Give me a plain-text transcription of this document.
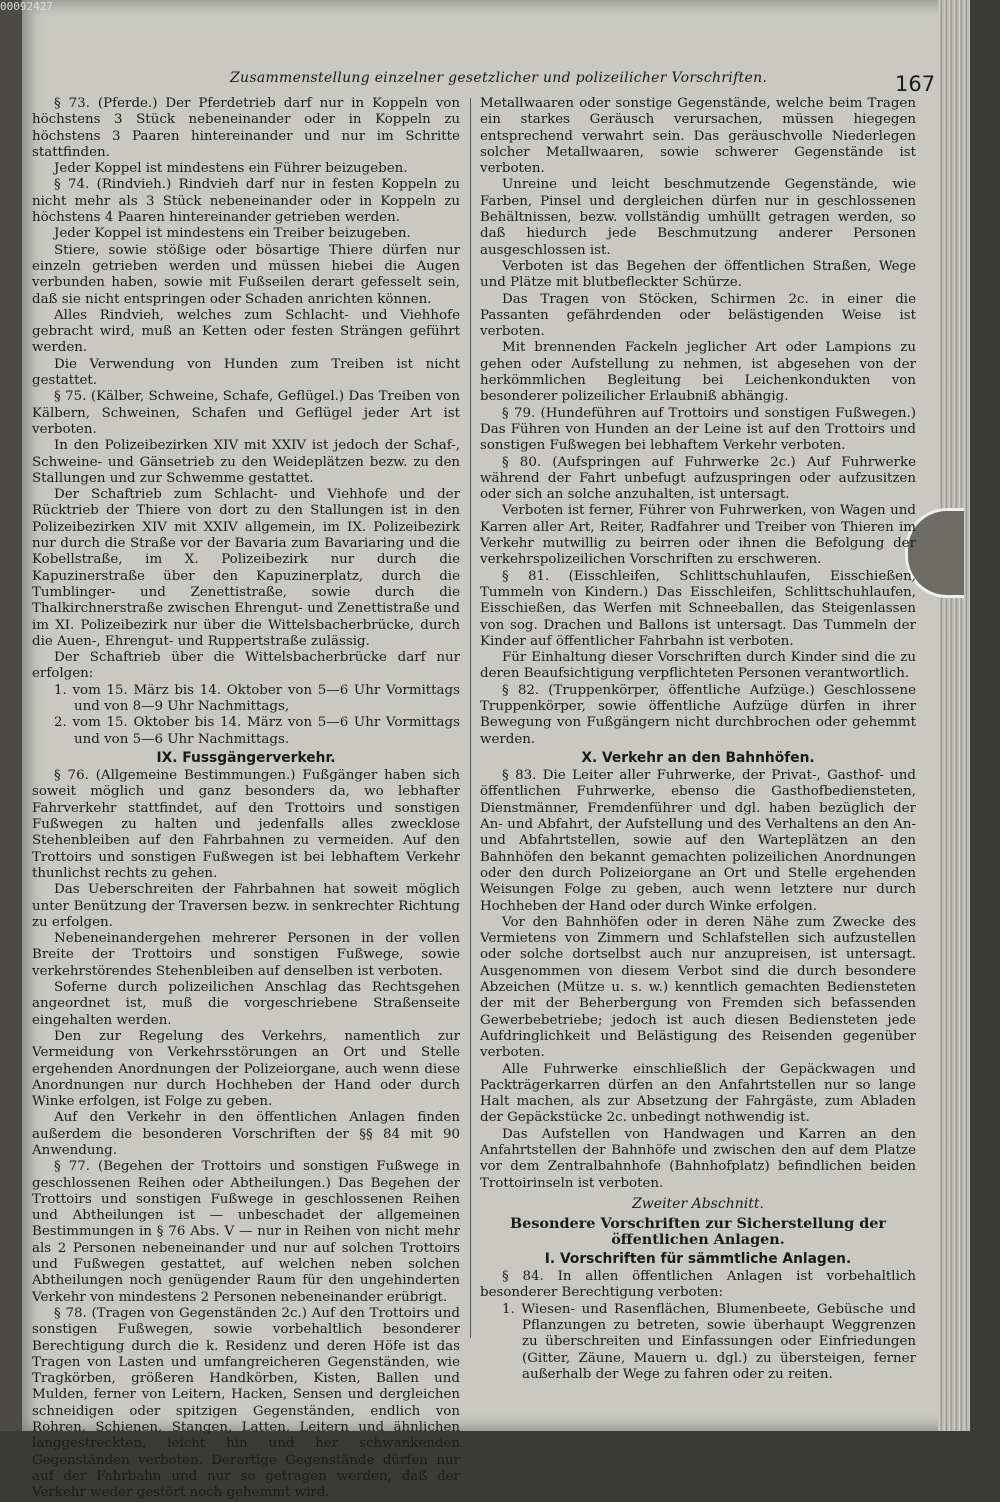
00092427
Zusammenstellung einzelner gesetzlicher und polizeilicher Vorschriften.	167

§ 73. (Pferde.) Der Pferdetrieb darf nur in Koppeln von höchstens 3 Stück nebeneinander oder in Koppeln zu höchstens 3 Paaren hintereinander und nur im Schritte stattfinden.

Jeder Koppel ist mindestens ein Führer beizugeben.

§ 74. (Rindvieh.) Rindvieh darf nur in festen Koppeln zu nicht mehr als 3 Stück nebeneinander oder in Koppeln zu höchstens 4 Paaren hintereinander getrieben werden.

Jeder Koppel ist mindestens ein Treiber beizugeben.

Stiere, sowie stößige oder bösartige Thiere dürfen nur einzeln getrieben werden und müssen hiebei die Augen verbunden haben, sowie mit Fußseilen derart gefesselt sein, daß sie nicht entspringen oder Schaden anrichten können.

Alles Rindvieh, welches zum Schlacht- und Viehhofe gebracht wird, muß an Ketten oder festen Strängen geführt werden.

Die Verwendung von Hunden zum Treiben ist nicht gestattet.

§ 75. (Kälber, Schweine, Schafe, Geflügel.) Das Treiben von Kälbern, Schweinen, Schafen und Geflügel jeder Art ist verboten.

In den Polizeibezirken XIV mit XXIV ist jedoch der Schaf-, Schweine- und Gänsetrieb zu den Weideplätzen bezw. zu den Stallungen und zur Schwemme gestattet.

Der Schaftrieb zum Schlacht- und Viehhofe und der Rücktrieb der Thiere von dort zu den Stallungen ist in den Polizeibezirken XIV mit XXIV allgemein, im IX. Polizeibezirk nur durch die Straße vor der Bavaria zum Bavariaring und die Kobellstraße, im X. Polizeibezirk nur durch die Kapuzinerstraße über den Kapuzinerplatz, durch die Tumblinger- und Zenettistraße, sowie durch die Thalkirchnerstraße zwischen Ehrengut- und Zenettistraße und im XI. Polizeibezirk nur über die Wittelsbacherbrücke, durch die Auen-, Ehrengut- und Ruppertstraße zulässig.

Der Schaftrieb über die Wittelsbacherbrücke darf nur erfolgen:

1. vom 15. März bis 14. Oktober von 5—6 Uhr Vormittags und von 8—9 Uhr Nachmittags,
2. vom 15. Oktober bis 14. März von 5—6 Uhr Vormittags und von 5—6 Uhr Nachmittags.
IX. Fussgängerverkehr.

§ 76. (Allgemeine Bestimmungen.) Fußgänger haben sich soweit möglich und ganz besonders da, wo lebhafter Fahrverkehr stattfindet, auf den Trottoirs und sonstigen Fußwegen zu halten und jedenfalls alles zwecklose Stehenbleiben auf den Fahrbahnen zu vermeiden. Auf den Trottoirs und sonstigen Fußwegen ist bei lebhaftem Verkehr thunlichst rechts zu gehen.

Das Ueberschreiten der Fahrbahnen hat soweit möglich unter Benützung der Traversen bezw. in senkrechter Richtung zu erfolgen.

Nebeneinandergehen mehrerer Personen in der vollen Breite der Trottoirs und sonstigen Fußwege, sowie verkehrstörendes Stehenbleiben auf denselben ist verboten.

Soferne durch polizeilichen Anschlag das Rechtsgehen angeordnet ist, muß die vorgeschriebene Straßenseite eingehalten werden.

Den zur Regelung des Verkehrs, namentlich zur Vermeidung von Verkehrsstörungen an Ort und Stelle ergehenden Anordnungen der Polizeiorgane, auch wenn diese Anordnungen nur durch Hochheben der Hand oder durch Winke erfolgen, ist Folge zu geben.

Auf den Verkehr in den öffentlichen Anlagen finden außerdem die besonderen Vorschriften der §§ 84 mit 90 Anwendung.

§ 77. (Begehen der Trottoirs und sonstigen Fußwege in geschlossenen Reihen oder Abtheilungen.) Das Begehen der Trottoirs und sonstigen Fußwege in geschlossenen Reihen und Abtheilungen ist — unbeschadet der allgemeinen Bestimmungen in § 76 Abs. V — nur in Reihen von nicht mehr als 2 Personen nebeneinander und nur auf solchen Trottoirs und Fußwegen gestattet, auf welchen neben solchen Abtheilungen noch genügender Raum für den ungehinderten Verkehr von mindestens 2 Personen nebeneinander erübrigt.

§ 78. (Tragen von Gegenständen 2c.) Auf den Trottoirs und sonstigen Fußwegen, sowie vorbehaltlich besonderer Berechtigung durch die k. Residenz und deren Höfe ist das Tragen von Lasten und umfangreicheren Gegenständen, wie Tragkörben, größeren Handkörben, Kisten, Ballen und Mulden, ferner von Leitern, Hacken, Sensen und dergleichen schneidigen oder spitzigen Gegenständen, endlich von Rohren, Schienen, Stangen, Latten, Leitern und ähnlichen langgestreckten, leicht hin und her schwankenden Gegenständen verboten. Derartige Gegenstände dürfen nur auf der Fahrbahn und nur so getragen werden, daß der Verkehr weder gestört noch gehemmt wird.

Metallwaaren oder sonstige Gegenstände, welche beim Tragen ein starkes Geräusch verursachen, müssen hiegegen entsprechend verwahrt sein. Das geräuschvolle Niederlegen solcher Metallwaaren, sowie schwerer Gegenstände ist verboten.

Unreine und leicht beschmutzende Gegenstände, wie Farben, Pinsel und dergleichen dürfen nur in geschlossenen Behältnissen, bezw. vollständig umhüllt getragen werden, so daß hiedurch jede Beschmutzung anderer Personen ausgeschlossen ist.

Verboten ist das Begehen der öffentlichen Straßen, Wege und Plätze mit blutbefleckter Schürze.

Das Tragen von Stöcken, Schirmen 2c. in einer die Passanten gefährdenden oder belästigenden Weise ist verboten.

Mit brennenden Fackeln jeglicher Art oder Lampions zu gehen oder Aufstellung zu nehmen, ist abgesehen von der herkömmlichen Begleitung bei Leichenkondukten von besonderer polizeilicher Erlaubniß abhängig.

§ 79. (Hundeführen auf Trottoirs und sonstigen Fußwegen.) Das Führen von Hunden an der Leine ist auf den Trottoirs und sonstigen Fußwegen bei lebhaftem Verkehr verboten.

§ 80. (Aufspringen auf Fuhrwerke 2c.) Auf Fuhrwerke während der Fahrt unbefugt aufzuspringen oder aufzusitzen oder sich an solche anzuhalten, ist untersagt.

Verboten ist ferner, Führer von Fuhrwerken, von Wagen und Karren aller Art, Reiter, Radfahrer und Treiber von Thieren im Verkehr mutwillig zu beirren oder ihnen die Befolgung der verkehrspolizeilichen Vorschriften zu erschweren.

§ 81. (Eisschleifen, Schlittschuhlaufen, Eisschießen, Tummeln von Kindern.) Das Eisschleifen, Schlittschuhlaufen, Eisschießen, das Werfen mit Schneeballen, das Steigenlassen von sog. Drachen und Ballons ist untersagt. Das Tummeln der Kinder auf öffentlicher Fahrbahn ist verboten.

Für Einhaltung dieser Vorschriften durch Kinder sind die zu deren Beaufsichtigung verpflichteten Personen verantwortlich.

§ 82. (Truppenkörper, öffentliche Aufzüge.) Geschlossene Truppenkörper, sowie öffentliche Aufzüge dürfen in ihrer Bewegung von Fußgängern nicht durchbrochen oder gehemmt werden.

X. Verkehr an den Bahnhöfen.

§ 83. Die Leiter aller Fuhrwerke, der Privat-, Gasthof- und öffentlichen Fuhrwerke, ebenso die Gasthofbediensteten, Dienstmänner, Fremdenführer und dgl. haben bezüglich der An- und Abfahrt, der Aufstellung und des Verhaltens an den An- und Abfahrtstellen, sowie auf den Warteplätzen an den Bahnhöfen den bekannt gemachten polizeilichen Anordnungen oder den durch Polizeiorgane an Ort und Stelle ergehenden Weisungen Folge zu geben, auch wenn letztere nur durch Hochheben der Hand oder durch Winke erfolgen.

Vor den Bahnhöfen oder in deren Nähe zum Zwecke des Vermietens von Zimmern und Schlafstellen sich aufzustellen oder solche dortselbst auch nur anzupreisen, ist untersagt. Ausgenommen von diesem Verbot sind die durch besondere Abzeichen (Mütze u. s. w.) kenntlich gemachten Bediensteten der mit der Beherbergung von Fremden sich befassenden Gewerbebetriebe; jedoch ist auch diesen Bediensteten jede Aufdringlichkeit und Belästigung des Reisenden gegenüber verboten.

Alle Fuhrwerke einschließlich der Gepäckwagen und Packträgerkarren dürfen an den Anfahrtstellen nur so lange Halt machen, als zur Absetzung der Fahrgäste, zum Abladen der Gepäckstücke 2c. unbedingt nothwendig ist.

Das Aufstellen von Handwagen und Karren an den Anfahrtstellen der Bahnhöfe und zwischen den auf dem Platze vor dem Zentralbahnhofe (Bahnhofplatz) befindlichen beiden Trottoirinseln ist verboten.

Zweiter Abschnitt.
Besondere Vorschriften zur Sicherstellung der öffentlichen Anlagen.
I. Vorschriften für sämmtliche Anlagen.

§ 84. In allen öffentlichen Anlagen ist vorbehaltlich besonderer Berechtigung verboten:

1. Wiesen- und Rasenflächen, Blumenbeete, Gebüsche und Pflanzungen zu betreten, sowie überhaupt Weggrenzen zu überschreiten und Einfassungen oder Einfriedungen (Gitter, Zäune, Mauern u. dgl.) zu übersteigen, ferner außerhalb der Wege zu fahren oder zu reiten.
